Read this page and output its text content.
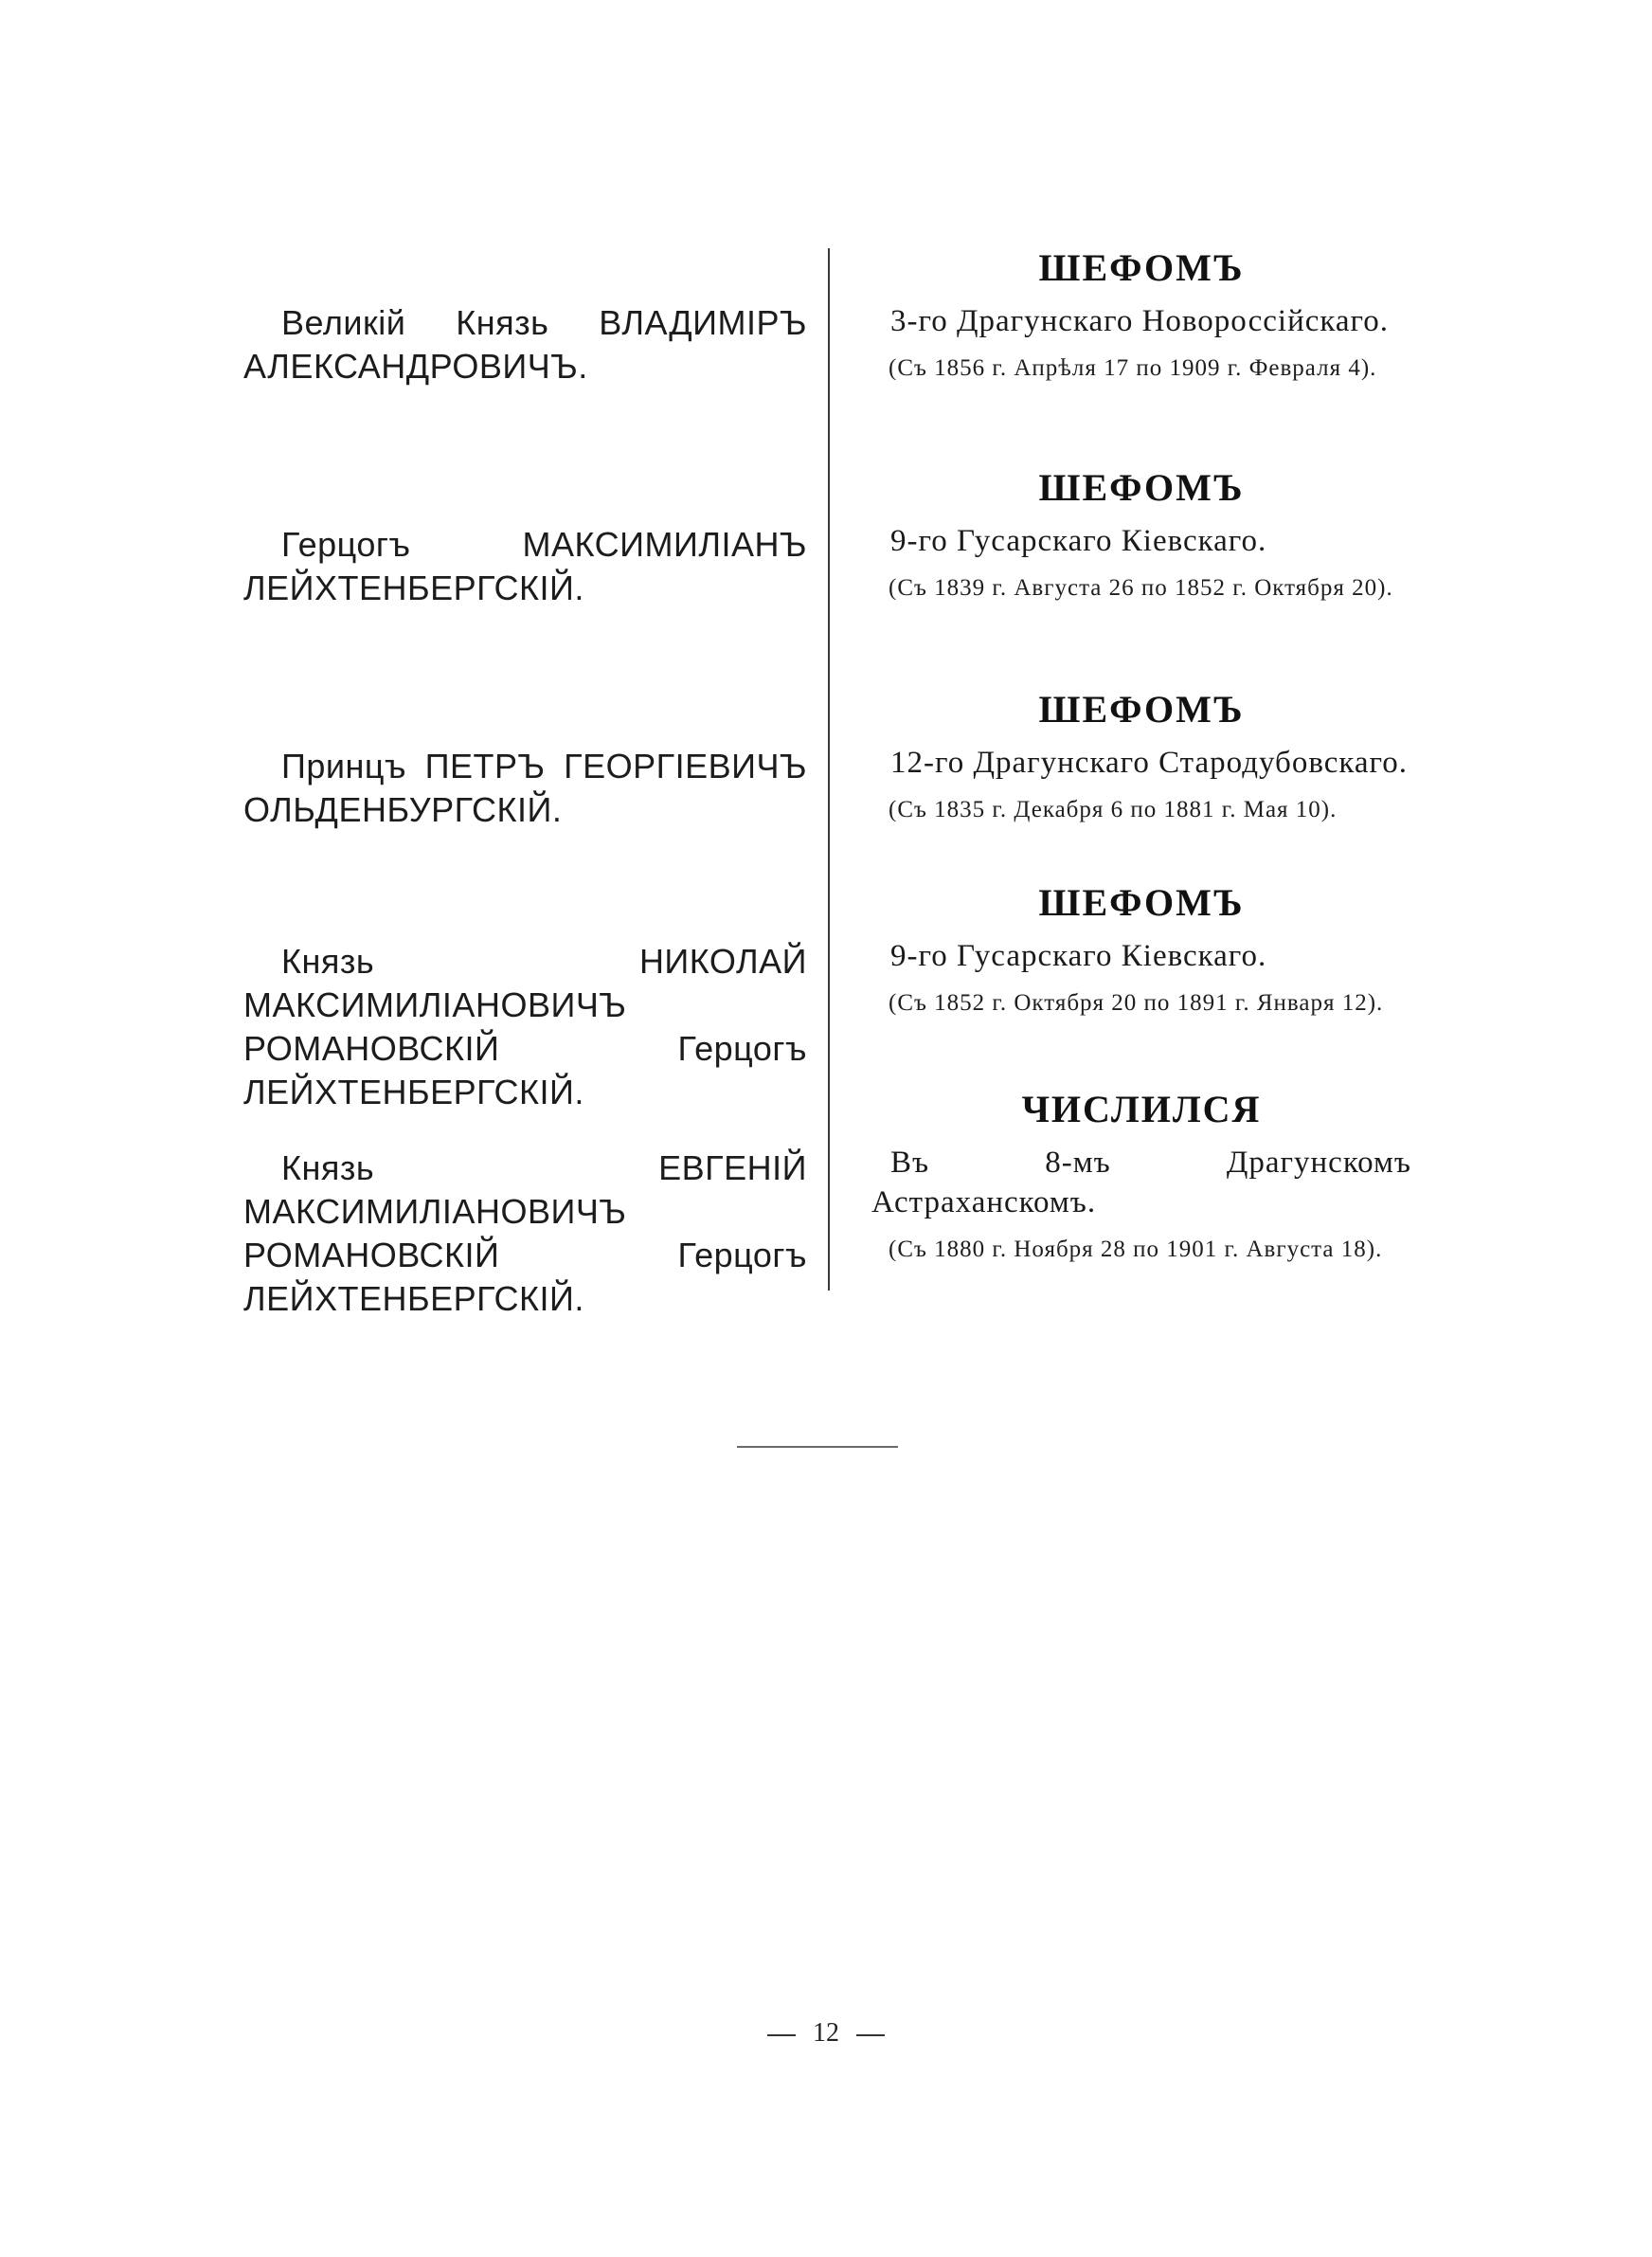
Великій Князь ВЛАДИМІРЪ АЛЕКСАНДРОВИЧЪ.
ШЕФОМЪ
3-го Драгунскаго Новороссійскаго.
(Съ 1856 г. Апрѣля 17 по 1909 г. Февраля 4).
Герцогъ МАКСИМИЛІАНЪ ЛЕЙХТЕНБЕРГСКІЙ.
ШЕФОМЪ
9-го Гусарскаго Кіевскаго.
(Съ 1839 г. Августа 26 по 1852 г. Октября 20).
Принцъ ПЕТРЪ ГЕОРГІЕВИЧЪ ОЛЬДЕНБУРГСКІЙ.
ШЕФОМЪ
12-го Драгунскаго Стародубовскаго.
(Съ 1835 г. Декабря 6 по 1881 г. Мая 10).
Князь НИКОЛАЙ МАКСИМИЛІАНОВИЧЪ РОМАНОВСКІЙ Герцогъ ЛЕЙХТЕНБЕРГСКІЙ.
ШЕФОМЪ
9-го Гусарскаго Кіевскаго.
(Съ 1852 г. Октября 20 по 1891 г. Января 12).
Князь ЕВГЕНІЙ МАКСИМИЛІАНОВИЧЪ РОМАНОВСКІЙ Герцогъ ЛЕЙХТЕНБЕРГСКІЙ.
ЧИСЛИЛСЯ
Въ 8-мъ Драгунскомъ Астраханскомъ.
(Съ 1880 г. Ноября 28 по 1901 г. Августа 18).
12
